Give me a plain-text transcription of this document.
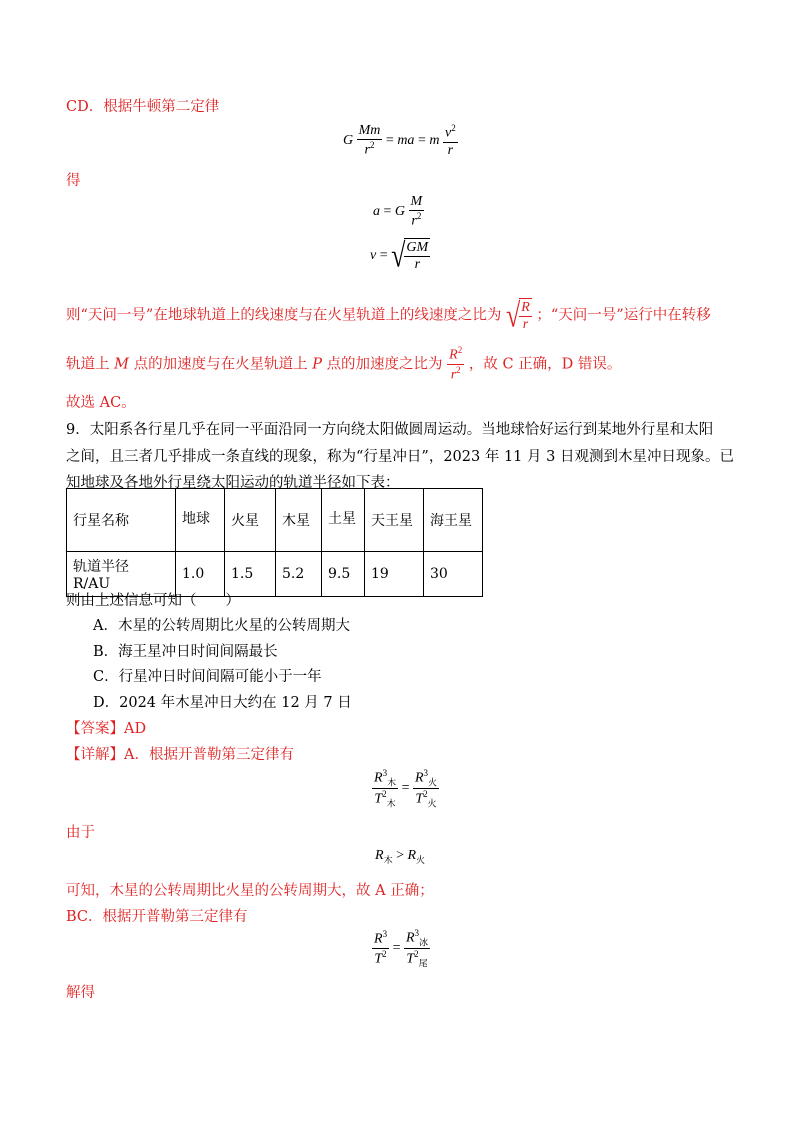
CD．根据牛顿第二定律
G $\frac{Mm}{r^2}$ = ma = m $\frac{v^2}{r}$
得
a = G $\frac{M}{r^2}$
v = √ $\frac{GM}{r}$
则“天问一号”在地球轨道上的线速度与在火星轨道上的线速度之比为 √ $\frac{R}{r}$ ；“天问一号”运行中在转移
轨道上 M 点的加速度与在火星轨道上 P 点的加速度之比为 $\frac{R^2}{r^2}$ ，故 C 正确，D 错误。
故选 AC。
9．太阳系各行星几乎在同一平面沿同一方向绕太阳做圆周运动。当地球恰好运行到某地外行星和太阳
之间，且三者几乎排成一条直线的现象，称为“行星冲日”，2023 年 11 月 3 日观测到木星冲日现象。已
知地球及各地外行星绕太阳运动的轨道半径如下表：
行星名称	地球	火星	木星	土星	天王星	海王星
轨道半径 R/AU	1.0	1.5	5.2	9.5	19	30
则由上述信息可知（　　）
A．木星的公转周期比火星的公转周期大
B．海王星冲日时间间隔最长
C．行星冲日时间间隔可能小于一年
D．2024 年木星冲日大约在 12 月 7 日
【答案】AD
【详解】A．根据开普勒第三定律有
$\frac{R^3_木}{T^2_木} = \frac{R^3_火}{T^2_火}$
由于
$R_木 > R_火$
可知，木星的公转周期比火星的公转周期大，故 A 正确；
BC．根据开普勒第三定律有
$\frac{R^3}{T^2} = \frac{R^3_冰}{T^2_尾}$
解得
